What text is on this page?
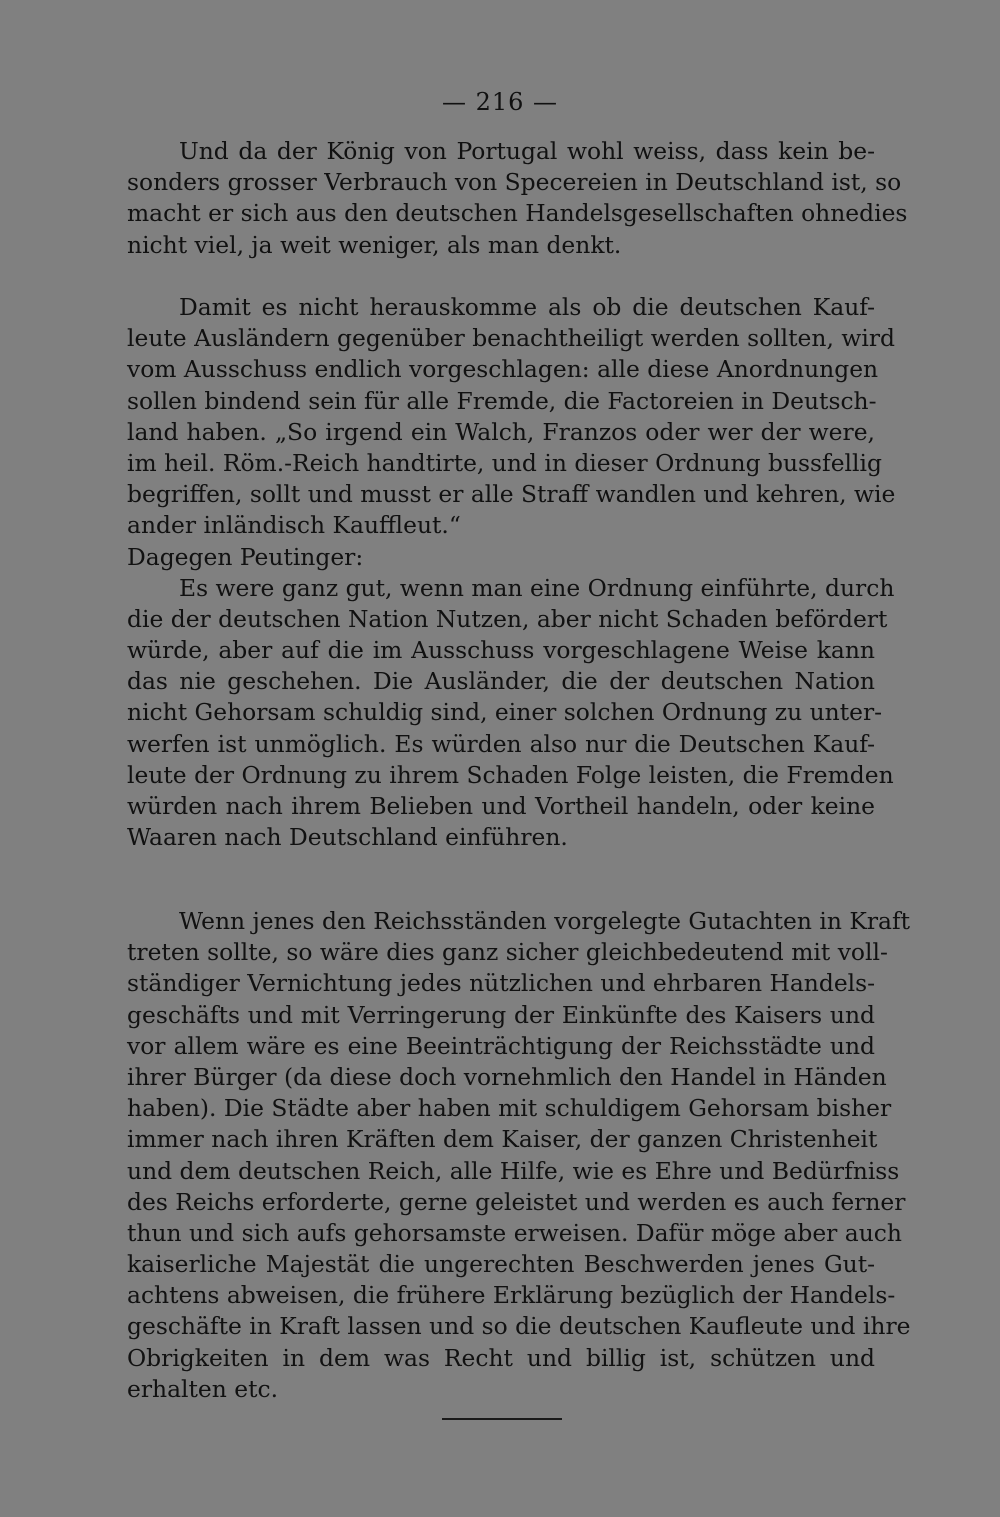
— 216 —
Und da der König von Portugal wohl weiss, dass kein be-
sonders grosser Verbrauch von Specereien in Deutschland ist, so
macht er sich aus den deutschen Handelsgesellschaften ohnedies
nicht viel, ja weit weniger, als man denkt.
Damit es nicht herauskomme als ob die deutschen Kauf-
leute Ausländern gegenüber benachtheiligt werden sollten, wird
vom Ausschuss endlich vorgeschlagen: alle diese Anordnungen
sollen bindend sein für alle Fremde, die Factoreien in Deutsch-
land haben. „So irgend ein Walch, Franzos oder wer der were,
im heil. Röm.-Reich handtirte, und in dieser Ordnung bussfellig
begriffen, sollt und musst er alle Straff wandlen und kehren, wie
ander inländisch Kauffleut.“
Dagegen Peutinger:
Es were ganz gut, wenn man eine Ordnung einführte, durch
die der deutschen Nation Nutzen, aber nicht Schaden befördert
würde, aber auf die im Ausschuss vorgeschlagene Weise kann
das nie geschehen. Die Ausländer, die der deutschen Nation
nicht Gehorsam schuldig sind, einer solchen Ordnung zu unter-
werfen ist unmöglich. Es würden also nur die Deutschen Kauf-
leute der Ordnung zu ihrem Schaden Folge leisten, die Fremden
würden nach ihrem Belieben und Vortheil handeln, oder keine
Waaren nach Deutschland einführen.
Wenn jenes den Reichsständen vorgelegte Gutachten in Kraft
treten sollte, so wäre dies ganz sicher gleichbedeutend mit voll-
ständiger Vernichtung jedes nützlichen und ehrbaren Handels-
geschäfts und mit Verringerung der Einkünfte des Kaisers und
vor allem wäre es eine Beeinträchtigung der Reichsstädte und
ihrer Bürger (da diese doch vornehmlich den Handel in Händen
haben). Die Städte aber haben mit schuldigem Gehorsam bisher
immer nach ihren Kräften dem Kaiser, der ganzen Christenheit
und dem deutschen Reich, alle Hilfe, wie es Ehre und Bedürfniss
des Reichs erforderte, gerne geleistet und werden es auch ferner
thun und sich aufs gehorsamste erweisen. Dafür möge aber auch
kaiserliche Majestät die ungerechten Beschwerden jenes Gut-
achtens abweisen, die frühere Erklärung bezüglich der Handels-
geschäfte in Kraft lassen und so die deutschen Kaufleute und ihre
Obrigkeiten in dem was Recht und billig ist, schützen und
erhalten etc.
